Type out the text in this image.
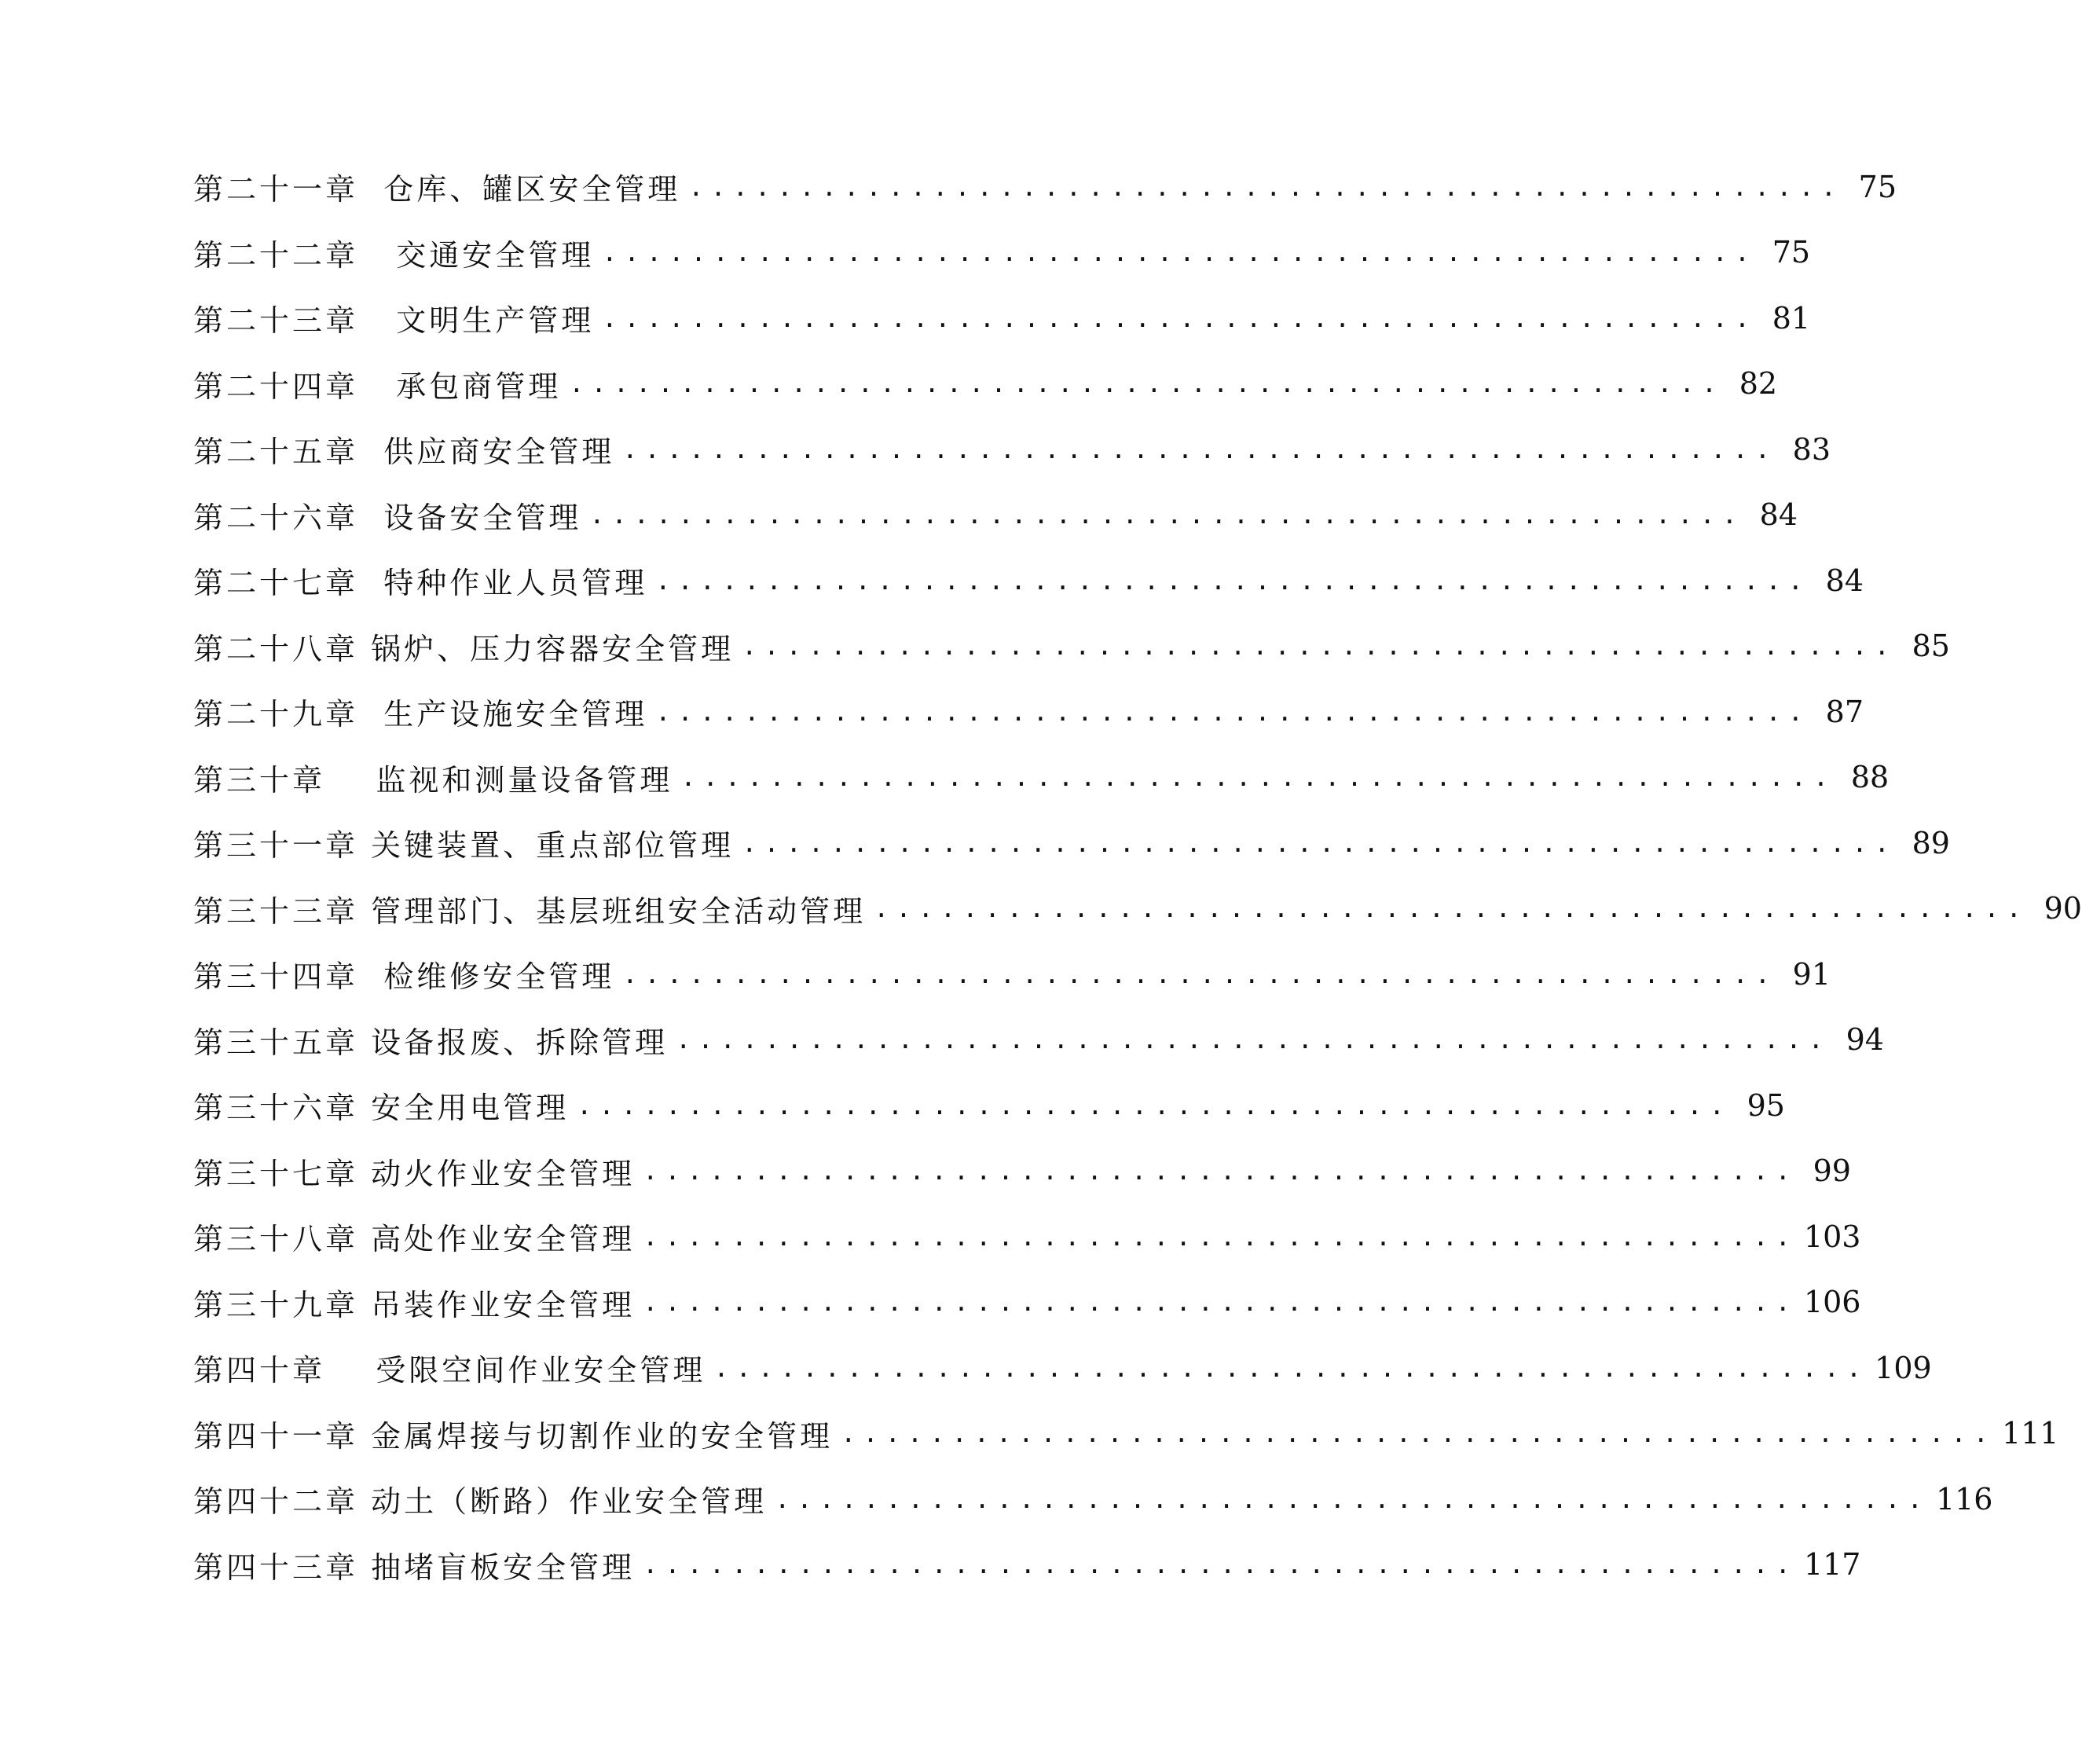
第二十一章 仓库、罐区安全管理 .................................................... 75
第二十二章	交通安全管理 .................................................... 75
第二十三章	文明生产管理 .................................................... 81
第二十四章	承包商管理 .................................................... 82
第二十五章 供应商安全管理 .................................................... 83
第二十六章 设备安全管理 .................................................... 84
第二十七章 特种作业人员管理 .................................................... 84
第二十八章 锅炉、压力容器安全管理 .................................................... 85
第二十九章 生产设施安全管理 .................................................... 87
第三十章	监视和测量设备管理 .................................................... 88
第三十一章 关键装置、重点部位管理 .................................................... 89
第三十三章 管理部门、基层班组安全活动管理 .................................................... 90
第三十四章 检维修安全管理 .................................................... 91
第三十五章 设备报废、拆除管理 .................................................... 94
第三十六章 安全用电管理 .................................................... 95
第三十七章 动火作业安全管理 .................................................... 99
第三十八章 高处作业安全管理 .................................................... 103
第三十九章 吊装作业安全管理 .................................................... 106
第四十章	受限空间作业安全管理 .................................................... 109
第四十一章 金属焊接与切割作业的安全管理 .................................................... 111
第四十二章 动土（断路）作业安全管理 .................................................... 116
第四十三章 抽堵盲板安全管理 .................................................... 117
